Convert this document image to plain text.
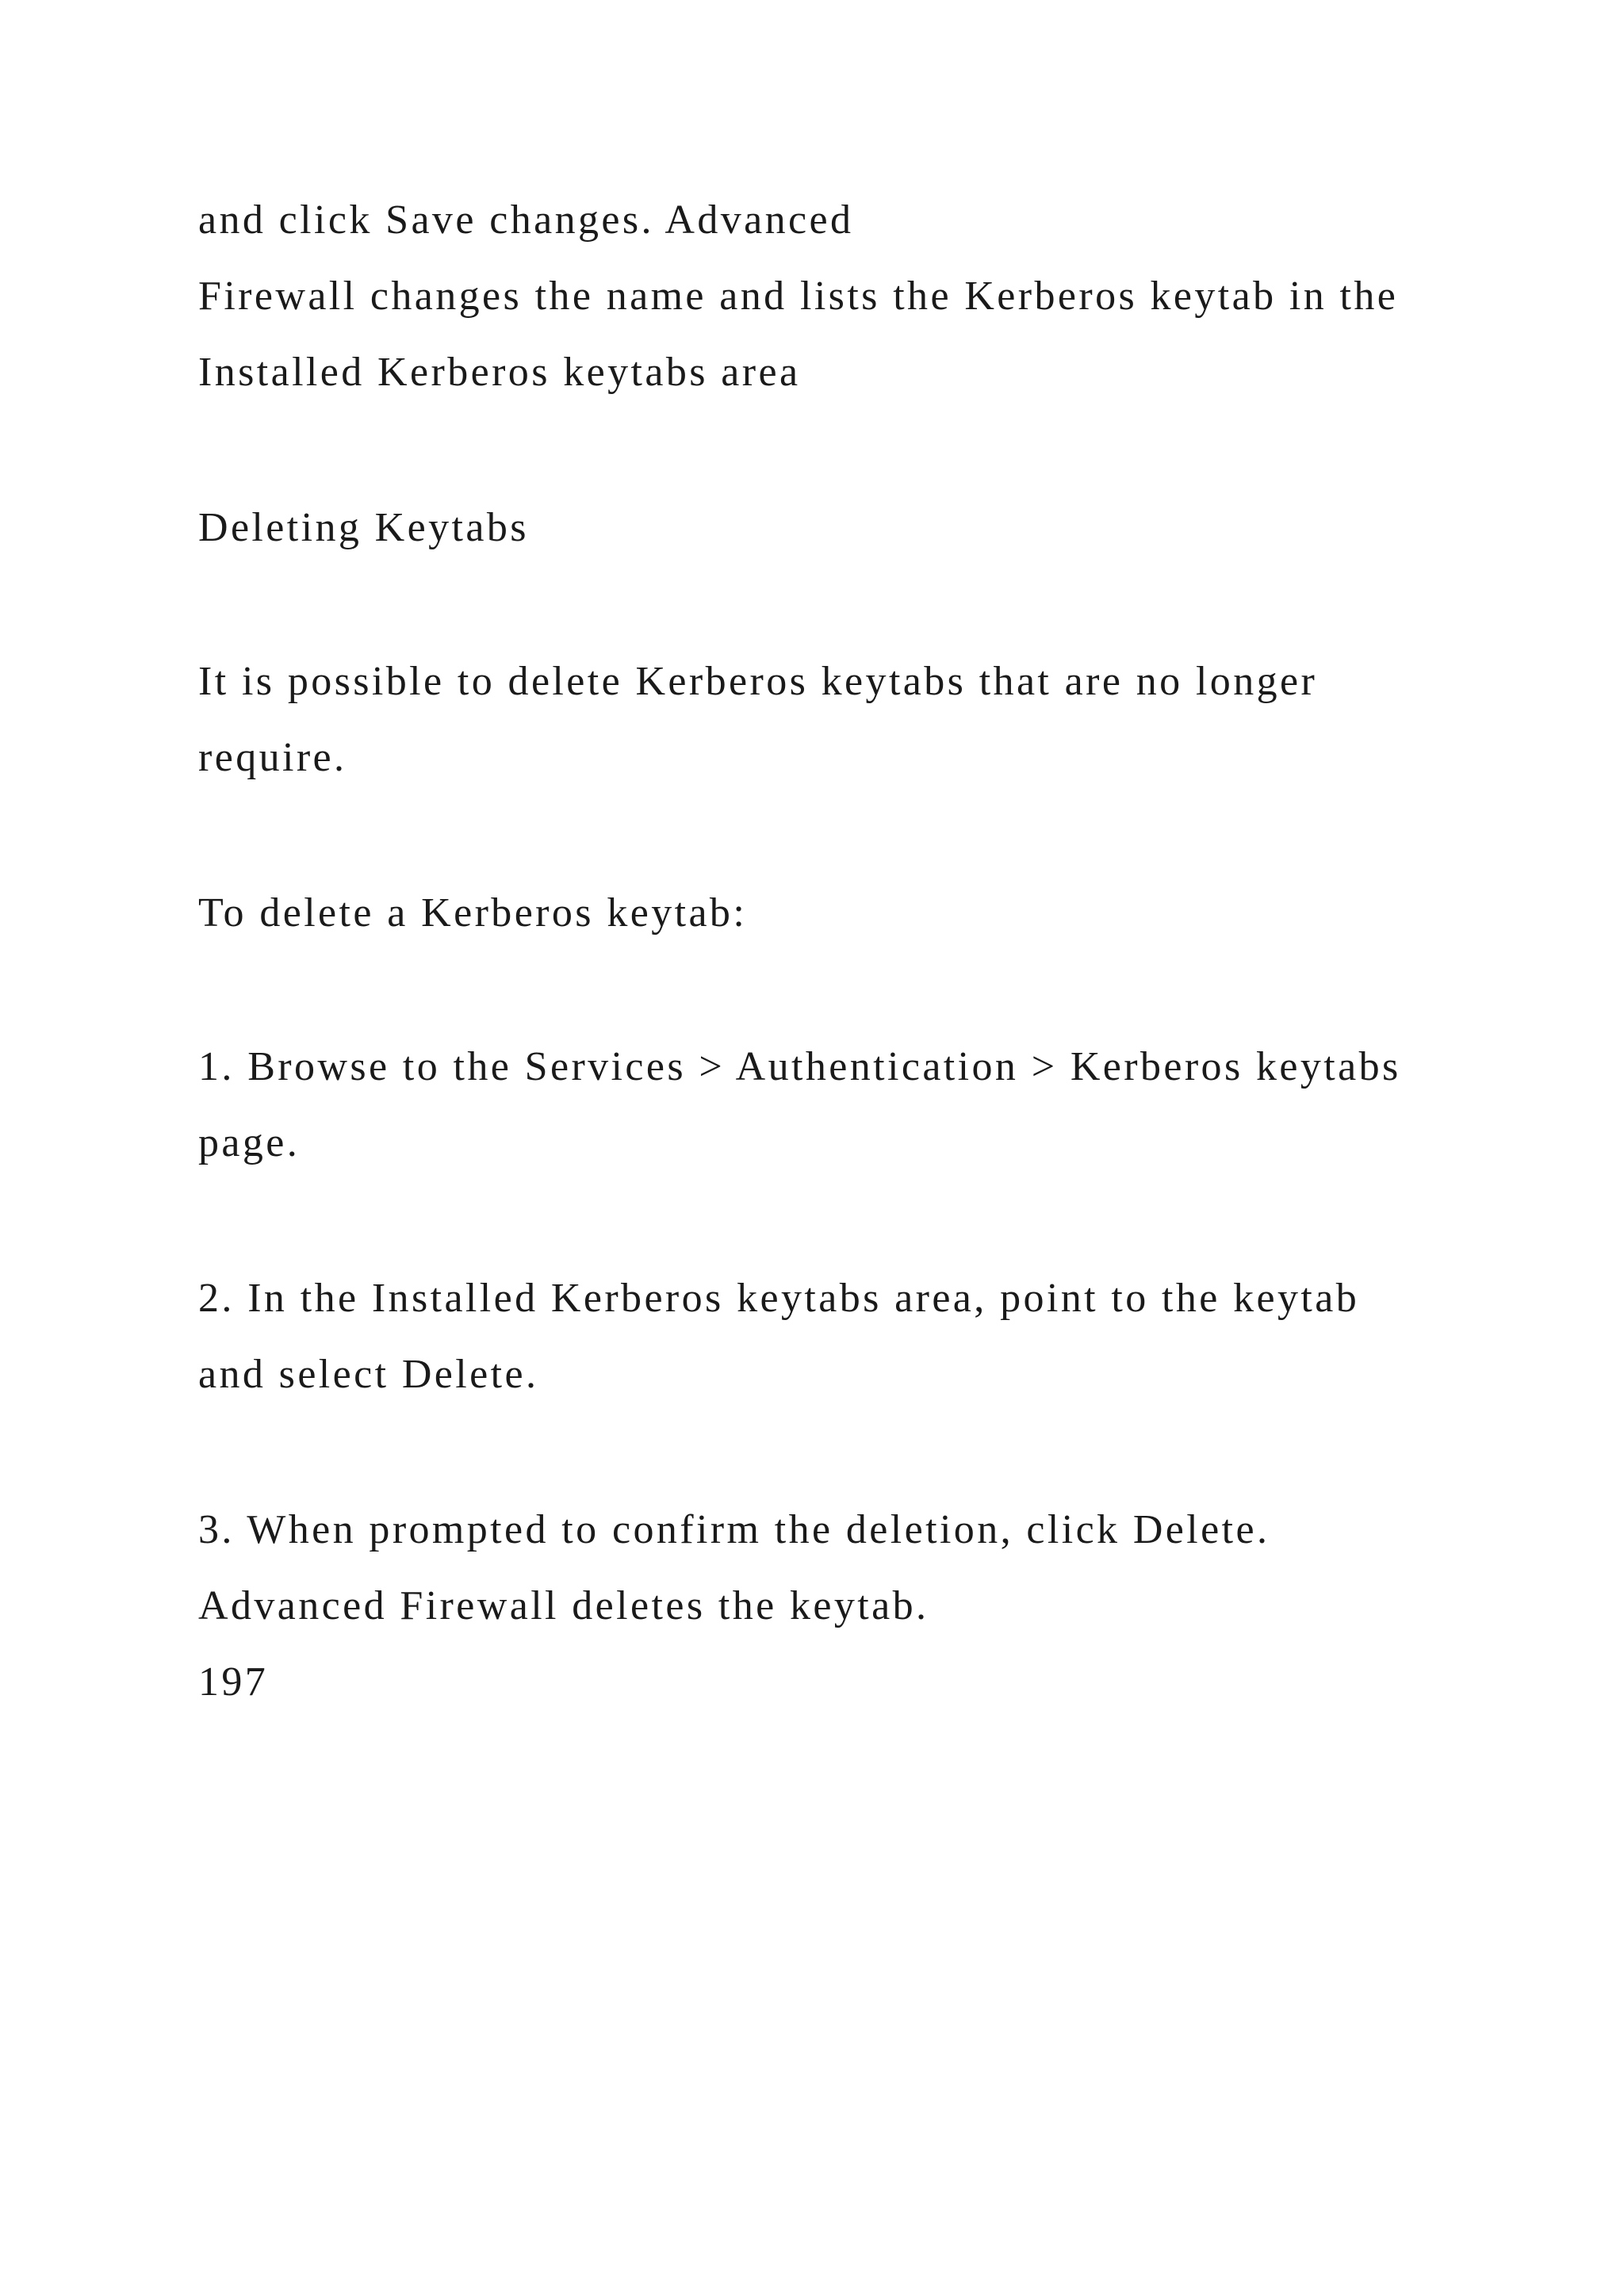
and click Save changes. Advanced

Firewall changes the name and lists the Kerberos keytab in the

Installed Kerberos keytabs area

Deleting Keytabs

It is possible to delete Kerberos keytabs that are no longer

require.

To delete a Kerberos keytab:

1. Browse to the Services > Authentication > Kerberos keytabs

page.

2. In the Installed Kerberos keytabs area, point to the keytab

and select Delete.

3. When prompted to confirm the deletion, click Delete.

Advanced Firewall deletes the keytab.

197
